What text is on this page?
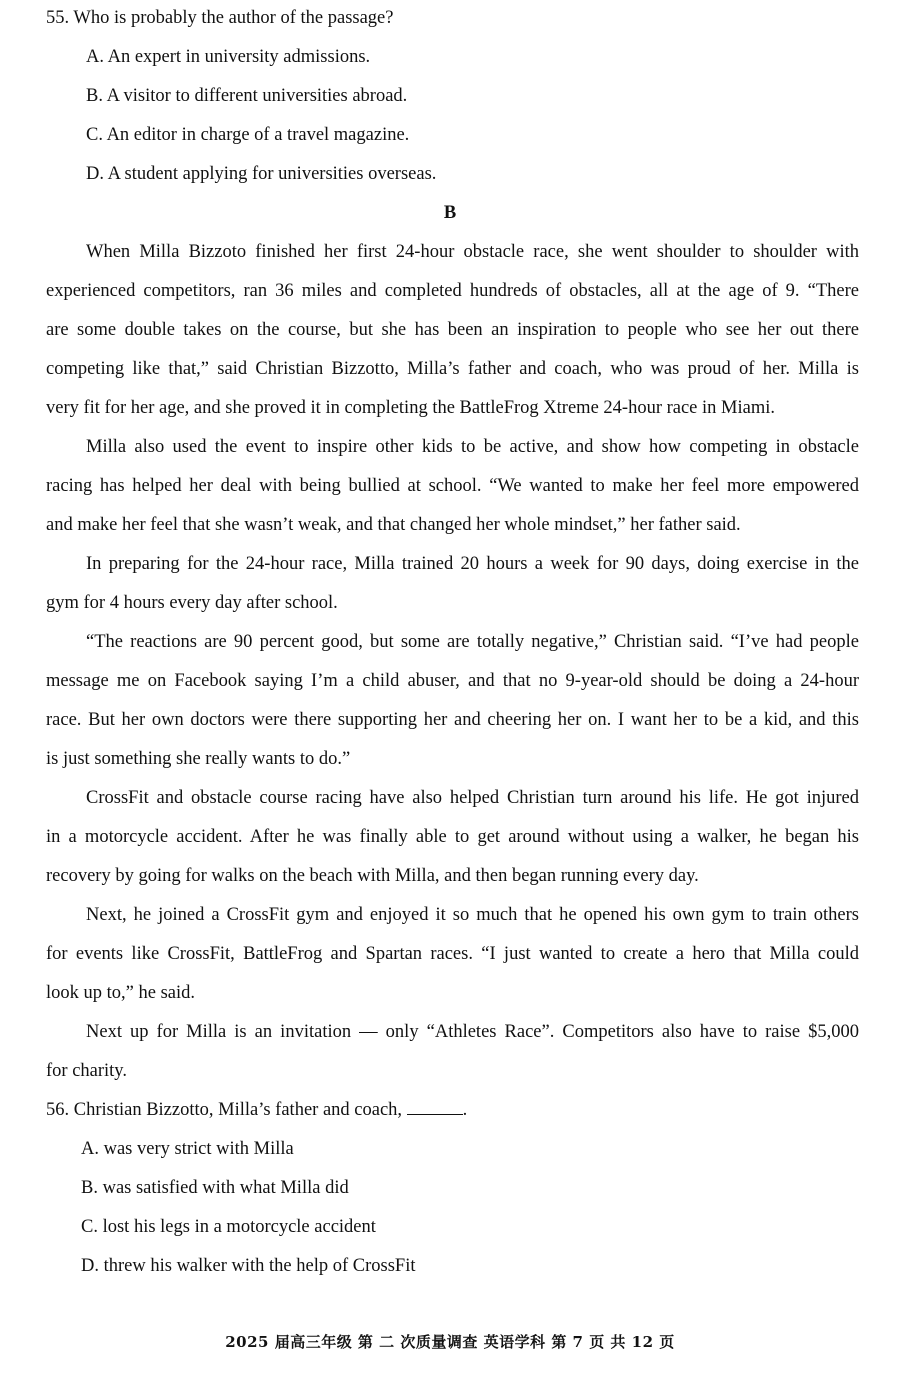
55. Who is probably the author of the passage?
A. An expert in university admissions.
B. A visitor to different universities abroad.
C. An editor in charge of a travel magazine.
D. A student applying for universities overseas.
B
When Milla Bizzoto finished her first 24-hour obstacle race, she went shoulder to shoulder with
experienced competitors, ran 36 miles and completed hundreds of obstacles, all at the age of 9. “There
are some double takes on the course, but she has been an inspiration to people who see her out there
competing like that,” said Christian Bizzotto, Milla’s father and coach, who was proud of her. Milla is
very fit for her age, and she proved it in completing the BattleFrog Xtreme 24-hour race in Miami.
Milla also used the event to inspire other kids to be active, and show how competing in obstacle
racing has helped her deal with being bullied at school. “We wanted to make her feel more empowered
and make her feel that she wasn’t weak, and that changed her whole mindset,” her father said.
In preparing for the 24-hour race, Milla trained 20 hours a week for 90 days, doing exercise in the
gym for 4 hours every day after school.
“The reactions are 90 percent good, but some are totally negative,” Christian said. “I’ve had people
message me on Facebook saying I’m a child abuser, and that no 9-year-old should be doing a 24-hour
race. But her own doctors were there supporting her and cheering her on. I want her to be a kid, and this
is just something she really wants to do.”
CrossFit and obstacle course racing have also helped Christian turn around his life. He got injured
in a motorcycle accident. After he was finally able to get around without using a walker, he began his
recovery by going for walks on the beach with Milla, and then began running every day.
Next, he joined a CrossFit gym and enjoyed it so much that he opened his own gym to train others
for events like CrossFit, BattleFrog and Spartan races. “I just wanted to create a hero that Milla could
look up to,” he said.
Next up for Milla is an invitation — only “Athletes Race”. Competitors also have to raise $5,000
for charity.
56. Christian Bizzotto, Milla’s father and coach,	.
A. was very strict with Milla
B. was satisfied with what Milla did
C. lost his legs in a motorcycle accident
D. threw his walker with the help of CrossFit
2025 届高三年级 第 二 次质量调查 英语学科 第 7 页 共 12 页
